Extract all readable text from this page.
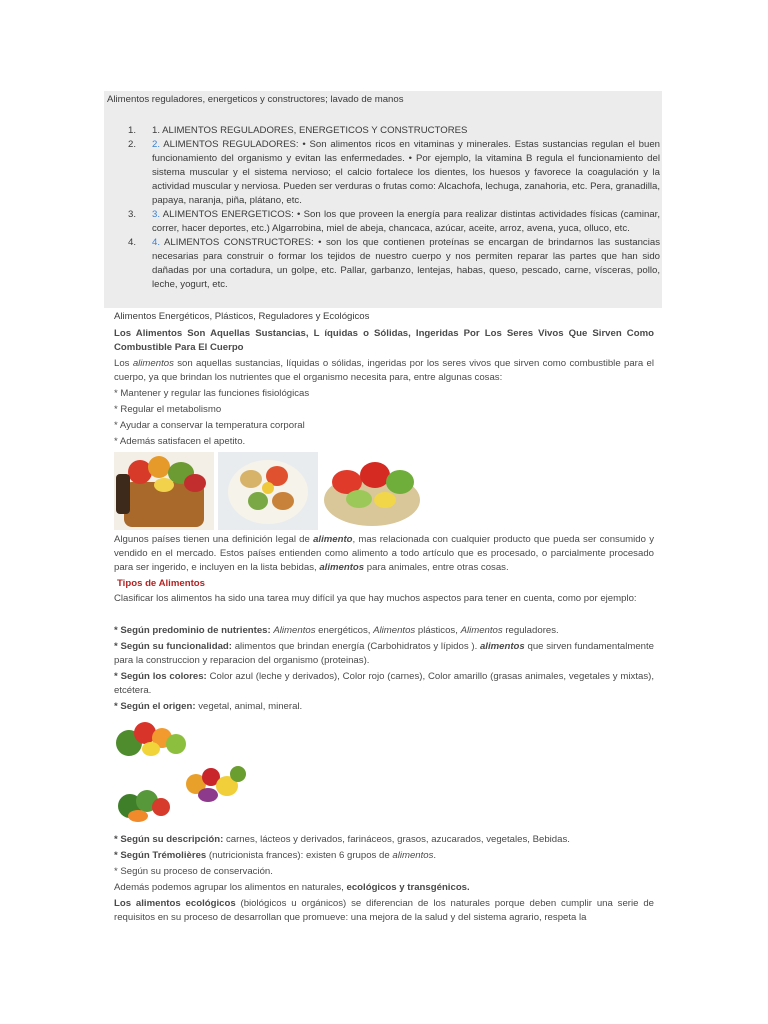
Alimentos reguladores, energeticos y constructores; lavado de manos
1. 1. ALIMENTOS REGULADORES, ENERGETICOS Y CONSTRUCTORES
2. 2. ALIMENTOS REGULADORES: • Son alimentos ricos en vitaminas y minerales. Estas sustancias regulan el buen funcionamiento del organismo y evitan las enfermedades. • Por ejemplo, la vitamina B regula el funcionamiento del sistema muscular y el sistema nervioso; el calcio fortalece los dientes, los huesos y favorece la coagulación y la actividad muscular y nerviosa. Pueden ser verduras o frutas como: Alcachofa, lechuga, zanahoria, etc. Pera, granadilla, papaya, naranja, piña, plátano, etc.
3. 3. ALIMENTOS ENERGETICOS: • Son los que proveen la energía para realizar distintas actividades físicas (caminar, correr, hacer deportes, etc.) Algarrobina, miel de abeja, chancaca, azúcar, aceite, arroz, avena, yuca, olluco, etc.
4. 4. ALIMENTOS CONSTRUCTORES: • son los que contienen proteínas se encargan de brindarnos las sustancias necesarias para construir o formar los tejidos de nuestro cuerpo y nos permiten reparar las partes que han sido dañadas por una cortadura, un golpe, etc. Pallar, garbanzo, lentejas, habas, queso, pescado, carne, vísceras, pollo, leche, yogurt, etc.
Alimentos Energéticos, Plásticos, Reguladores y Ecológicos
Los Alimentos Son Aquellas Sustancias, L íquidas o Sólidas, Ingeridas Por Los Seres Vivos Que Sirven Como Combustible Para El Cuerpo
Los alimentos son aquellas sustancias, líquidas o sólidas, ingeridas por los seres vivos que sirven como combustible para el cuerpo, ya que brindan los nutrientes que el organismo necesita para, entre algunas cosas:
* Mantener y regular las funciones fisiológicas
* Regular el metabolismo
* Ayudar a conservar la temperatura corporal
* Además satisfacen el apetito.
Algunos países tienen una definición legal de alimento, mas relacionada con cualquier producto que pueda ser consumido y vendido en el mercado. Estos países entienden como alimento a todo artículo que es procesado, o parcialmente procesado para ser ingerido, e incluyen en la lista bebidas, alimentos para animales, entre otras cosas.
Tipos de Alimentos
Clasificar los alimentos ha sido una tarea muy difícil ya que hay muchos aspectos para tener en cuenta, como por ejemplo:
* Según predominio de nutrientes: Alimentos energéticos, Alimentos plásticos, Alimentos reguladores.
* Según su funcionalidad: alimentos que brindan energía (Carbohidratos y lípidos ). alimentos que sirven fundamentalmente para la construccion y reparacion del organismo (proteinas).
* Según los colores: Color azul (leche y derivados), Color rojo (carnes), Color amarillo (grasas animales, vegetales y mixtas), etcétera.
* Según el origen: vegetal, animal, mineral.
* Según su descripción: carnes, lácteos y derivados, farináceos, grasos, azucarados, vegetales, Bebidas.
* Según Trémolières (nutricionista frances): existen 6 grupos de alimentos.
* Según su proceso de conservación.
Además podemos agrupar los alimentos en naturales, ecológicos y transgénicos.
Los alimentos ecológicos (biológicos u orgánicos) se diferencian de los naturales porque deben cumplir una serie de requisitos en su proceso de desarrollan que promueve: una mejora de la salud y del sistema agrario, respeta la
